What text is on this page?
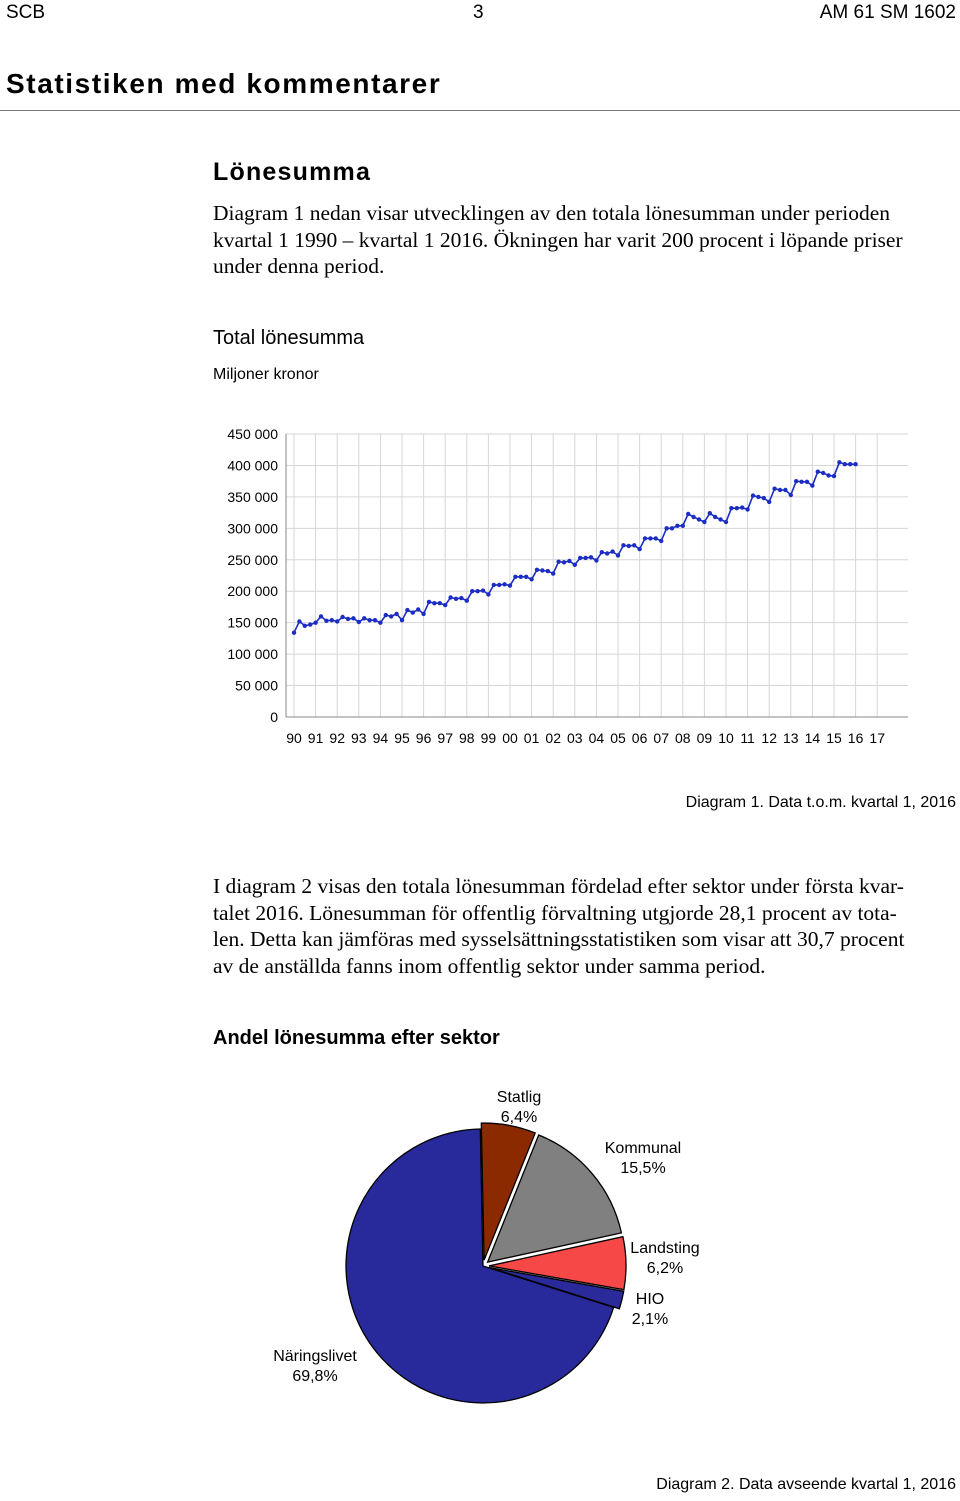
SCB	3	AM 61 SM 1602
Statistiken med kommentarer
Lönesumma
Diagram 1 nedan visar utvecklingen av den totala lönesumman under perioden
kvartal 1 1990 – kvartal 1 2016. Ökningen har varit 200 procent i löpande priser
under denna period.
Total lönesumma
Miljoner kronor
450 000
400 000
350 000
300 000
250 000
200 000
150 000
100 000
50 000
0
90 91 92 93 94 95 96 97 98 99 00 01 02 03 04 05 06 07 08 09 10 11 12 13 14 15 16 17
Diagram 1. Data t.o.m. kvartal 1, 2016
I diagram 2 visas den totala lönesumman fördelad efter sektor under första kvar-
talet 2016. Lönesumman för offentlig förvaltning utgjorde 28,1 procent av tota-
len. Detta kan jämföras med sysselsättningsstatistiken som visar att 30,7 procent
av de anställda fanns inom offentlig sektor under samma period.
Andel lönesumma efter sektor
Statlig
6,4%
Kommunal
15,5%
Landsting
6,2%
HIO
2,1%
Näringslivet
69,8%
Diagram 2. Data avseende kvartal 1, 2016
